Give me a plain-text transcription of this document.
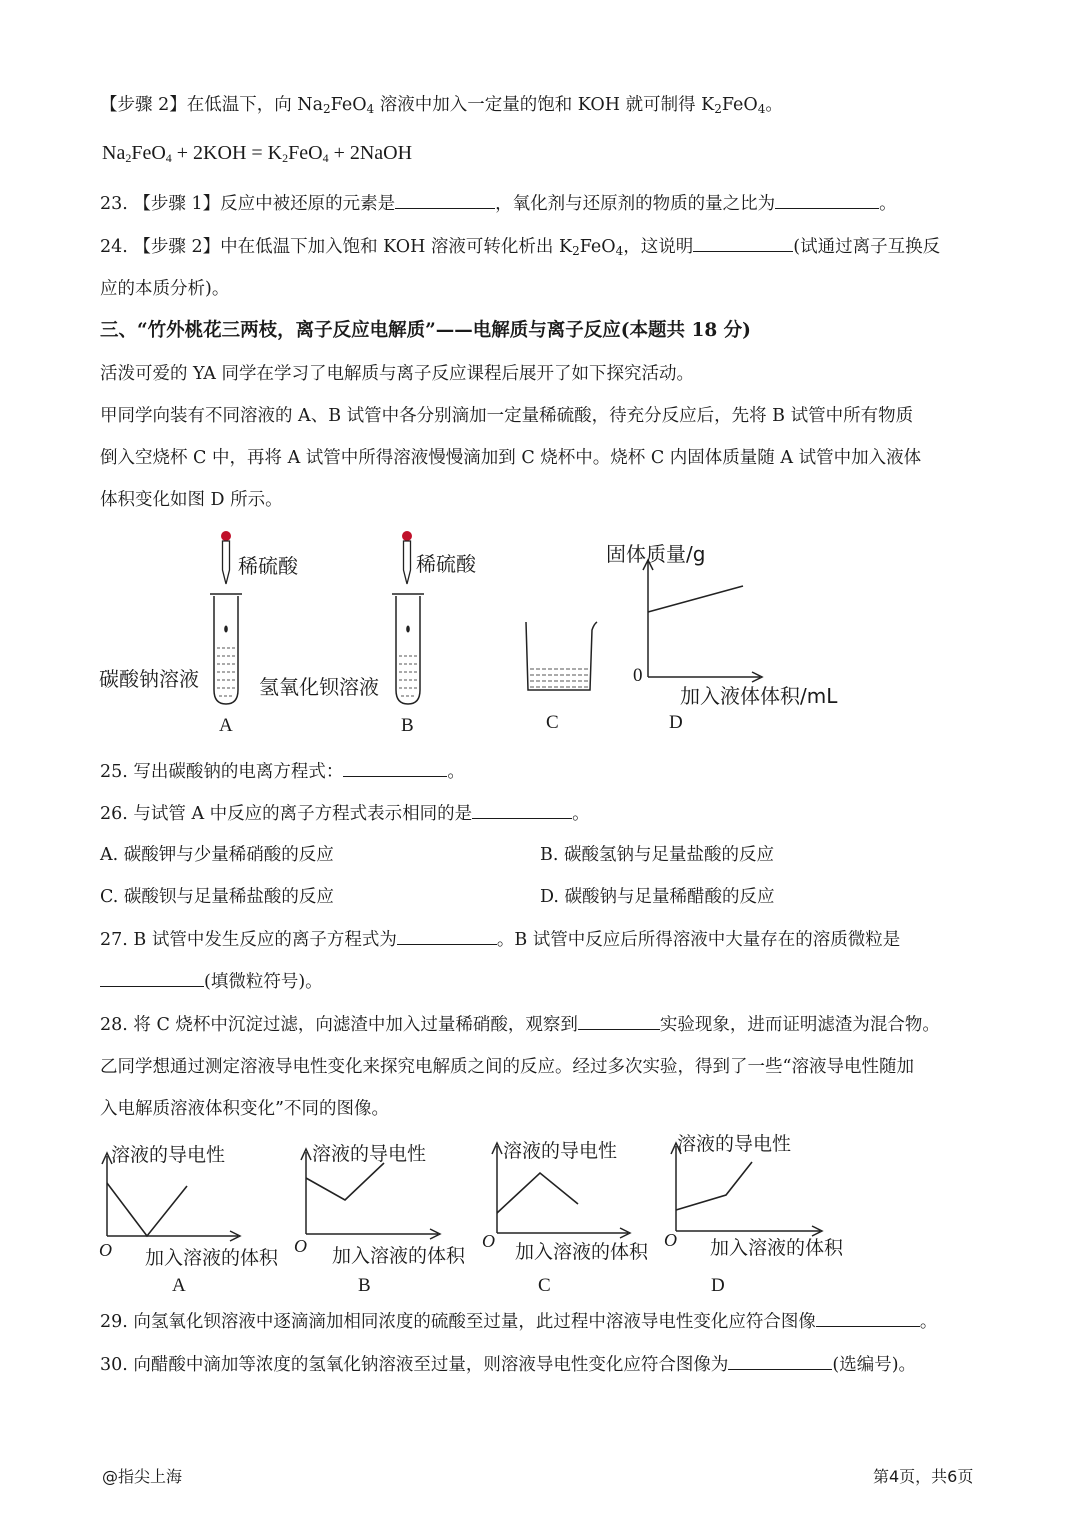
【步骤 2】在低温下，向 $Na_2FeO_4$ 溶液中加入一定量的饱和 KOH 就可制得 $K_2FeO_4$。
$Na_2FeO_4 + 2KOH = K_2FeO_4$ + 2NaOH
23. 【步骤 1】反应中被还原的元素是	，氧化剂与还原剂的物质的量之比为	。
24. 【步骤 2】中在低温下加入饱和 KOH 溶液可转化析出 $K_2FeO_4$，这说明	(试通过离子互换反
应的本质分析)。
三、“竹外桃花三两枝，离子反应电解质”——电解质与离子反应(本题共 18 分)
活泼可爱的 YA 同学在学习了电解质与离子反应课程后展开了如下探究活动。
甲同学向装有不同溶液的 A、B 试管中各分别滴加一定量稀硫酸，待充分反应后，先将 B 试管中所有物质
倒入空烧杯 C 中，再将 A 试管中所得溶液慢慢滴加到 C 烧杯中。烧杯 C 内固体质量随 A 试管中加入液体
体积变化如图 D 所示。
稀硫酸	稀硫酸
碳酸钠溶液	氢氧化钡溶液
A	B	C	D
固体质量/g
加入液体体积/mL
0
25. 写出碳酸钠的电离方程式：	。
26. 与试管 A 中反应的离子方程式表示相同的是	。
A. 碳酸钾与少量稀硝酸的反应	B. 碳酸氢钠与足量盐酸的反应
C. 碳酸钡与足量稀盐酸的反应	D. 碳酸钠与足量稀醋酸的反应
27. B 试管中发生反应的离子方程式为	。B 试管中反应后所得溶液中大量存在的溶质微粒是
(填微粒符号)。
28. 将 C 烧杯中沉淀过滤，向滤渣中加入过量稀硝酸，观察到	实验现象，进而证明滤渣为混合物。
乙同学想通过测定溶液导电性变化来探究电解质之间的反应。经过多次实验，得到了一些“溶液导电性随加
入电解质溶液体积变化”不同的图像。
溶液的导电性
加入溶液的体积
O
A
溶液的导电性
加入溶液的体积
O
B
溶液的导电性
加入溶液的体积
O
C
溶液的导电性
加入溶液的体积
O
D
29. 向氢氧化钡溶液中逐滴滴加相同浓度的硫酸至过量，此过程中溶液导电性变化应符合图像	。
30. 向醋酸中滴加等浓度的氢氧化钠溶液至过量，则溶液导电性变化应符合图像为	(选编号)。
@指尖上海	第4页，共6页
